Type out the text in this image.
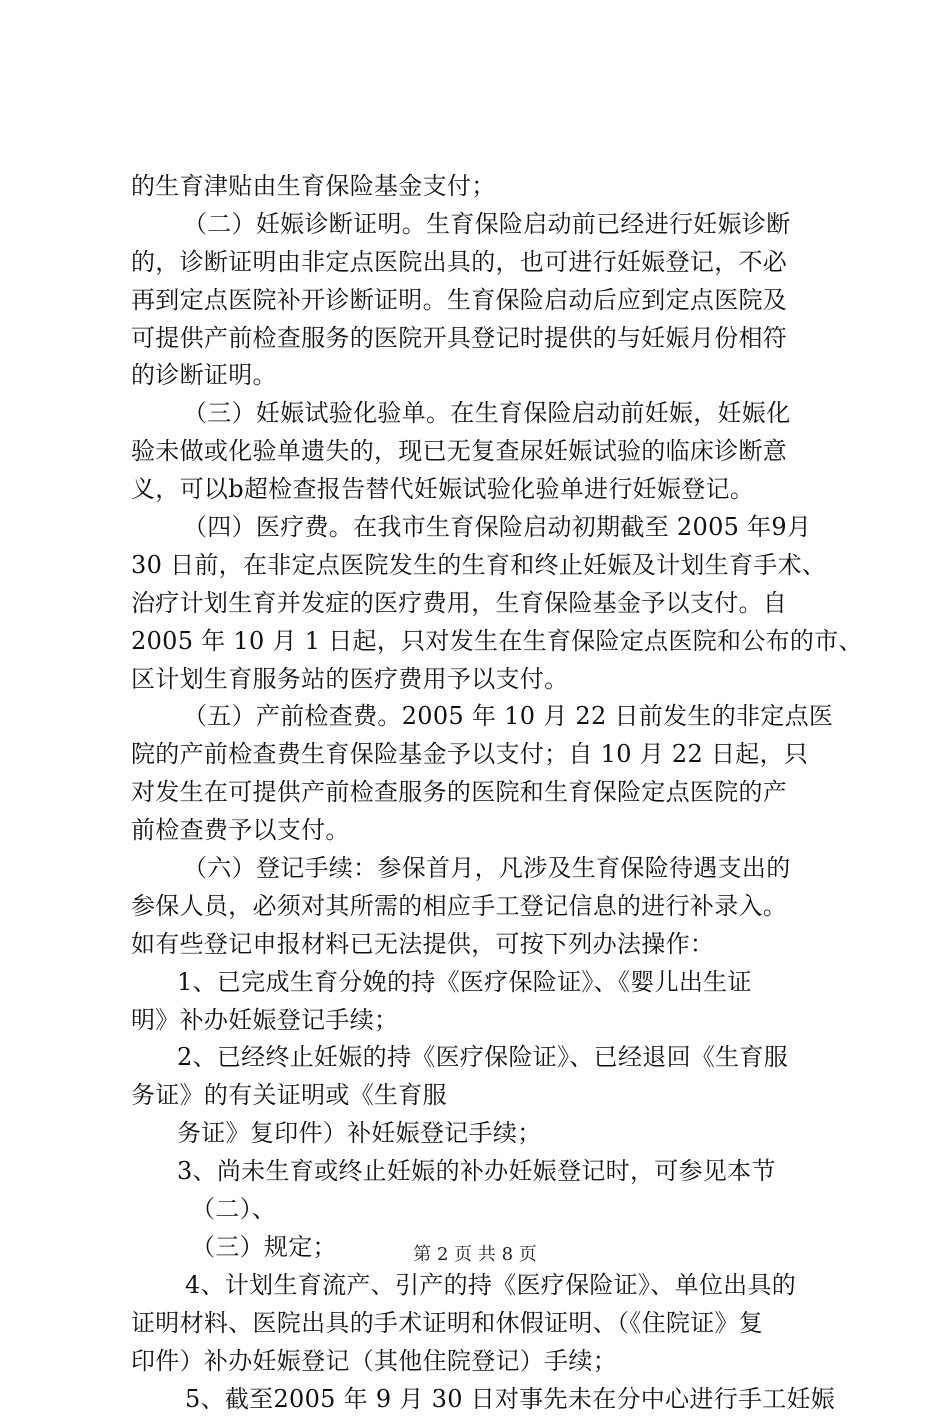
的生育津贴由生育保险基金支付；
（二）妊娠诊断证明。生育保险启动前已经进行妊娠诊断
的，诊断证明由非定点医院出具的，也可进行妊娠登记，不必
再到定点医院补开诊断证明。生育保险启动后应到定点医院及
可提供产前检查服务的医院开具登记时提供的与妊娠月份相符
的诊断证明。
（三）妊娠试验化验单。在生育保险启动前妊娠，妊娠化
验未做或化验单遗失的，现已无复查尿妊娠试验的临床诊断意
义，可以b超检查报告替代妊娠试验化验单进行妊娠登记。
（四）医疗费。在我市生育保险启动初期截至 2005 年9月
30 日前，在非定点医院发生的生育和终止妊娠及计划生育手术、
治疗计划生育并发症的医疗费用，生育保险基金予以支付。自
2005 年 10 月 1 日起，只对发生在生育保险定点医院和公布的市、
区计划生育服务站的医疗费用予以支付。
（五）产前检查费。2005 年 10 月 22 日前发生的非定点医
院的产前检查费生育保险基金予以支付；自 10 月 22 日起，只
对发生在可提供产前检查服务的医院和生育保险定点医院的产
前检查费予以支付。
（六）登记手续：参保首月，凡涉及生育保险待遇支出的
参保人员，必须对其所需的相应手工登记信息的进行补录入。
如有些登记申报材料已无法提供，可按下列办法操作：
1、已完成生育分娩的持《医疗保险证》、《婴儿出生证
明》补办妊娠登记手续；
2、已经终止妊娠的持《医疗保险证》、已经退回《生育服
务证》的有关证明或《生育服
务证》复印件）补妊娠登记手续；
3、尚未生育或终止妊娠的补办妊娠登记时，可参见本节
（二）、
（三）规定；
4、计划生育流产、引产的持《医疗保险证》、单位出具的
证明材料、医院出具的手术证明和休假证明、（《住院证》复
印件）补办妊娠登记（其他住院登记）手续；
5、截至2005 年 9 月 30 日对事先未在分中心进行手工妊娠
第 2 页 共 8 页
